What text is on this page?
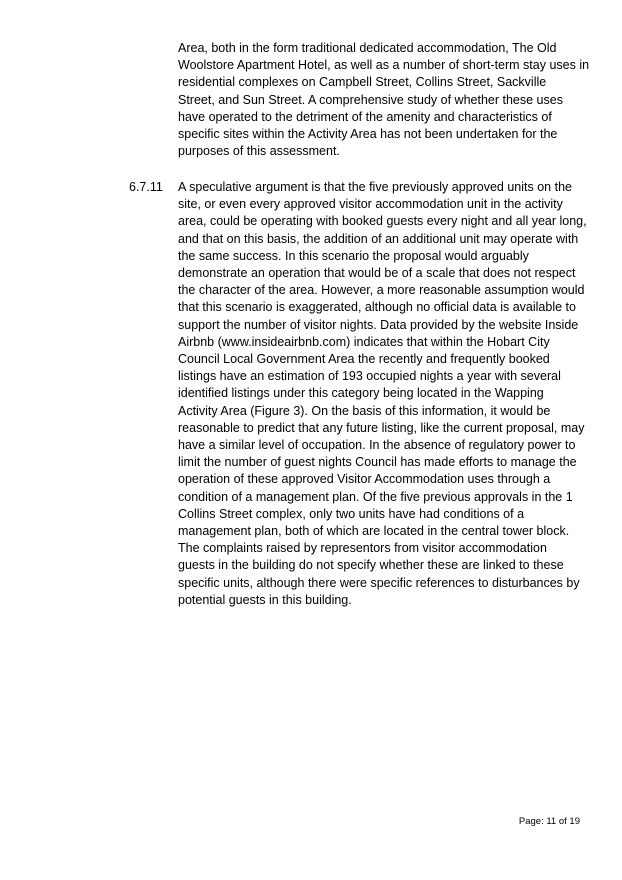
Area, both in the form traditional dedicated accommodation, The Old
Woolstore Apartment Hotel, as well as a number of short-term stay uses in
residential complexes on Campbell Street, Collins Street, Sackville
Street, and Sun Street. A comprehensive study of whether these uses
have operated to the detriment of the amenity and characteristics of
specific sites within the Activity Area has not been undertaken for the
purposes of this assessment.
6.7.11 A speculative argument is that the five previously approved units on the
site, or even every approved visitor accommodation unit in the activity
area, could be operating with booked guests every night and all year long,
and that on this basis, the addition of an additional unit may operate with
the same success. In this scenario the proposal would arguably
demonstrate an operation that would be of a scale that does not respect
the character of the area. However, a more reasonable assumption would
that this scenario is exaggerated, although no official data is available to
support the number of visitor nights. Data provided by the website Inside
Airbnb (www.insideairbnb.com) indicates that within the Hobart City
Council Local Government Area the recently and frequently booked
listings have an estimation of 193 occupied nights a year with several
identified listings under this category being located in the Wapping
Activity Area (Figure 3). On the basis of this information, it would be
reasonable to predict that any future listing, like the current proposal, may
have a similar level of occupation. In the absence of regulatory power to
limit the number of guest nights Council has made efforts to manage the
operation of these approved Visitor Accommodation uses through a
condition of a management plan. Of the five previous approvals in the 1
Collins Street complex, only two units have had conditions of a
management plan, both of which are located in the central tower block.
The complaints raised by representors from visitor accommodation
guests in the building do not specify whether these are linked to these
specific units, although there were specific references to disturbances by
potential guests in this building.
Page: 11 of 19
